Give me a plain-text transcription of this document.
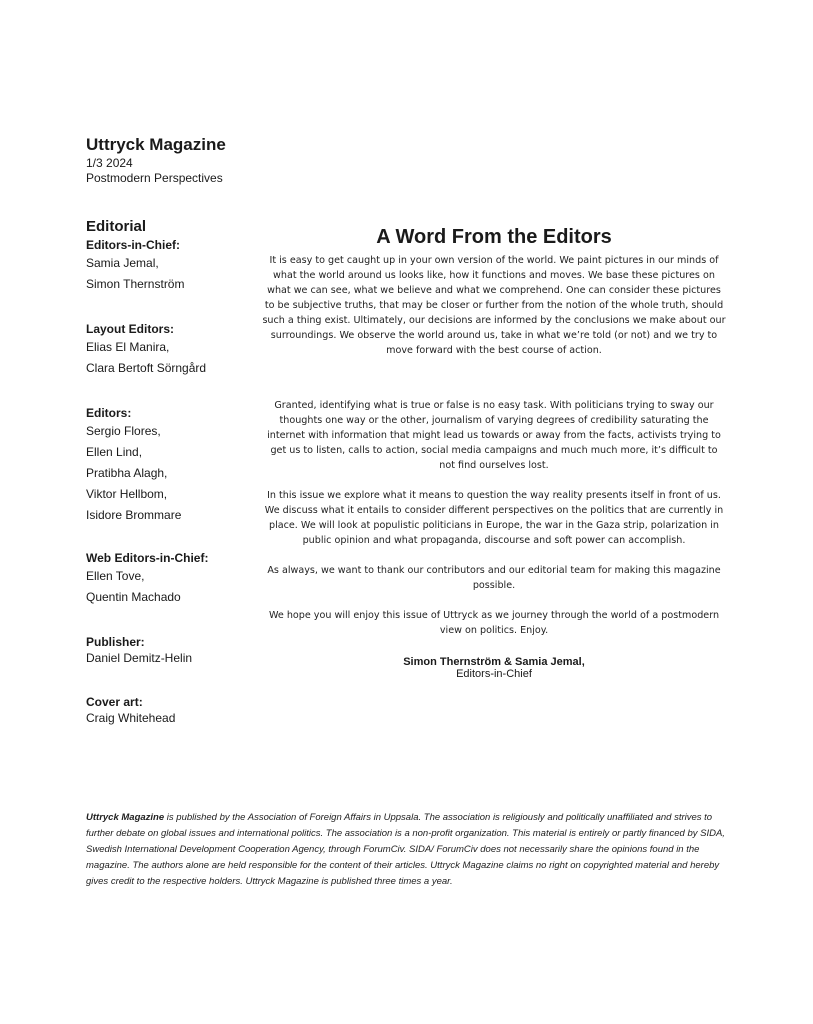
Uttryck Magazine
1/3 2024
Postmodern Perspectives
Editorial
Editors-in-Chief:
Samia Jemal,
Simon Thernström
Layout Editors:
Elias El Manira,
Clara Bertoft Sörngård
Editors:
Sergio Flores,
Ellen Lind,
Pratibha Alagh,
Viktor Hellbom,
Isidore Brommare
Web Editors-in-Chief:
Ellen Tove,
Quentin Machado
Publisher:
Daniel Demitz-Helin
Cover art:
Craig Whitehead
A Word From the Editors

It is easy to get caught up in your own version of the world. We paint pictures in our minds of what the world around us looks like, how it functions and moves. We base these pictures on what we can see, what we believe and what we comprehend. One can consider these pictures to be subjective truths, that may be closer or further from the notion of the whole truth, should such a thing exist. Ultimately, our decisions are informed by the conclusions we make about our surroundings. We observe the world around us, take in what we’re told (or not) and we try to move forward with the best course of action.

Granted, identifying what is true or false is no easy task. With politicians trying to sway our thoughts one way or the other, journalism of varying degrees of credibility saturating the internet with information that might lead us towards or away from the facts, activists trying to get us to listen, calls to action, social media campaigns and much much more, it’s difficult to not find ourselves lost.

In this issue we explore what it means to question the way reality presents itself in front of us. We discuss what it entails to consider different perspectives on the politics that are currently in place. We will look at populistic politicians in Europe, the war in the Gaza strip, polarization in public opinion and what propaganda, discourse and soft power can accomplish.

As always, we want to thank our contributors and our editorial team for making this magazine possible.

We hope you will enjoy this issue of Uttryck as we journey through the world of a postmodern view on politics. Enjoy.

Simon Thernström & Samia Jemal,
Editors-in-Chief
Uttryck Magazine is published by the Association of Foreign Affairs in Uppsala. The association is religiously and politically unaffiliated and strives to further debate on global issues and international politics. The association is a non-profit organization. This material is entirely or partly financed by SIDA, Swedish International Development Cooperation Agency, through ForumCiv. SIDA/ ForumCiv does not necessarily share the opinions found in the magazine. The authors alone are held responsible for the content of their articles. Uttryck Magazine claims no right on copyrighted material and hereby gives credit to the respective holders. Uttryck Magazine is published three times a year.
